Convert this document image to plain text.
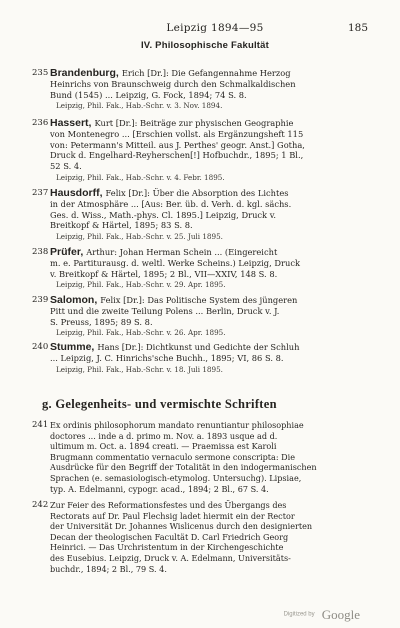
Leipzig 1894—95	185
IV. Philosophische Fakultät
235 Brandenburg, Erich [Dr.]: Die Gefangennahme Herzog
Heinrichs von Braunschweig durch den Schmalkaldischen
Bund (1545) ... Leipzig, G. Fock, 1894; 74 S. 8.
Leipzig, Phil. Fak., Hab.-Schr. v. 3. Nov. 1894.
236 Hassert, Kurt [Dr.]: Beiträge zur physischen Geographie
von Montenegro ... [Erschien vollst. als Ergänzungsheft 115
von: Petermann's Mitteil. aus J. Perthes' geogr. Anst.] Gotha,
Druck d. Engelhard-Reyherschen[!] Hofbuchdr., 1895; 1 Bl.,
52 S. 4.
Leipzig, Phil. Fak., Hab.-Schr. v. 4. Febr. 1895.
237 Hausdorff, Felix [Dr.]: Über die Absorption des Lichtes
in der Atmosphäre ... [Aus: Ber. üb. d. Verh. d. kgl. sächs.
Ges. d. Wiss., Math.-phys. Cl. 1895.] Leipzig, Druck v.
Breitkopf & Härtel, 1895; 83 S. 8.
Leipzig, Phil. Fak., Hab.-Schr. v. 25. Juli 1895.
238 Prüfer, Arthur: Johan Herman Schein ... (Eingereicht
m. e. Partiturausg. d. weltl. Werke Scheins.) Leipzig, Druck
v. Breitkopf & Härtel, 1895; 2 Bl., VII—XXIV, 148 S. 8.
Leipzig, Phil. Fak., Hab.-Schr. v. 29. Apr. 1895.
239 Salomon, Felix [Dr.]: Das Politische System des jüngeren
Pitt und die zweite Teilung Polens ... Berlin, Druck v. J.
S. Preuss, 1895; 89 S. 8.
Leipzig, Phil. Fak., Hab.-Schr. v. 26. Apr. 1895.
240 Stumme, Hans [Dr.]: Dichtkunst und Gedichte der Schluh
... Leipzig, J. C. Hinrichs'sche Buchh., 1895; VI, 86 S. 8.
Leipzig, Phil. Fak., Hab.-Schr. v. 18. Juli 1895.
g. Gelegenheits- und vermischte Schriften
241 Ex ordinis philosophorum mandato renuntiantur philosophiae
doctores ... inde a d. primo m. Nov. a. 1893 usque ad d.
ultimum m. Oct. a. 1894 creati. — Praemissa est Karoli
Brugmann commentatio vernaculo sermone conscripta: Die
Ausdrücke für den Begriff der Totalität in den indogermanischen
Sprachen (e. semasiologisch-etymolog. Untersuchg). Lipsiae,
typ. A. Edelmanni, cypogr. acad., 1894; 2 Bl., 67 S. 4.
242 Zur Feier des Reformationsfestes und des Übergangs des
Rectorats auf Dr. Paul Flechsig ladet hiermit ein der Rector
der Universität Dr. Johannes Wislicenus durch den designierten
Decan der theologischen Facultät D. Carl Friedrich Georg
Heinrici. — Das Urchristentum in der Kirchengeschichte
des Eusebius. Leipzig, Druck v. A. Edelmann, Universitäts-
buchdr., 1894; 2 Bl., 79 S. 4.
Digitized by Google
